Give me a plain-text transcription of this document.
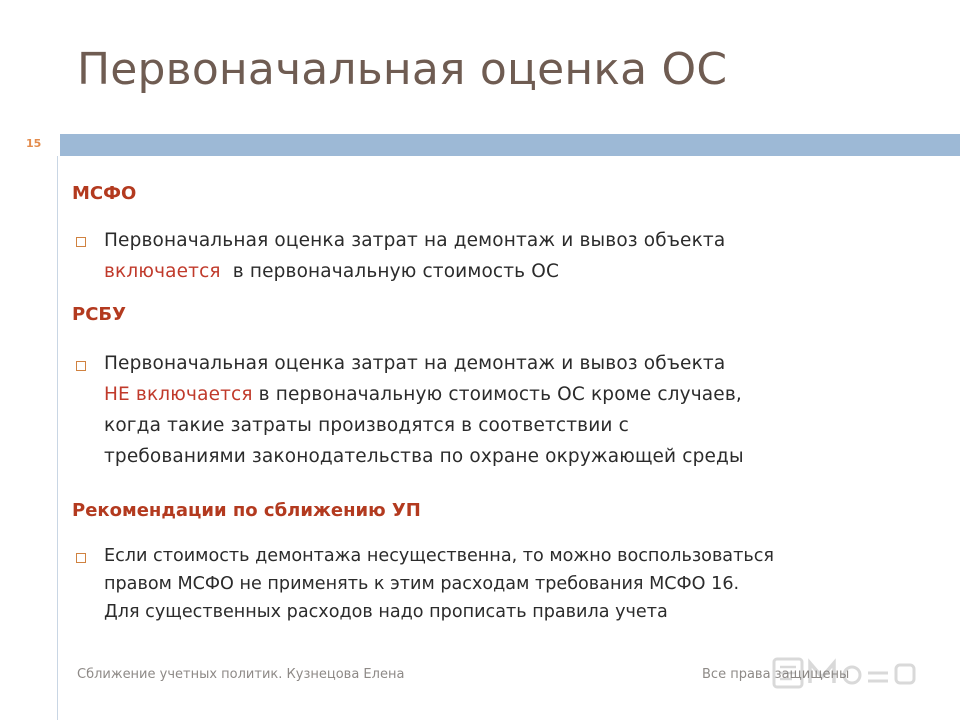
Первоначальная оценка ОС
15
МСФО
Первоначальная оценка затрат на демонтаж и вывоз объекта
включается в первоначальную стоимость ОС
РСБУ
Первоначальная оценка затрат на демонтаж и вывоз объекта
НЕ включается в первоначальную стоимость ОС кроме случаев,
когда такие затраты производятся в соответствии с
требованиями законодательства по охране окружающей среды
Рекомендации по сближению УП
Если стоимость демонтажа несущественна, то можно воспользоваться
правом МСФО не применять к этим расходам требования МСФО 16.
Для существенных расходов надо прописать правила учета
Сближение учетных политик. Кузнецова Елена	Все права защищены
